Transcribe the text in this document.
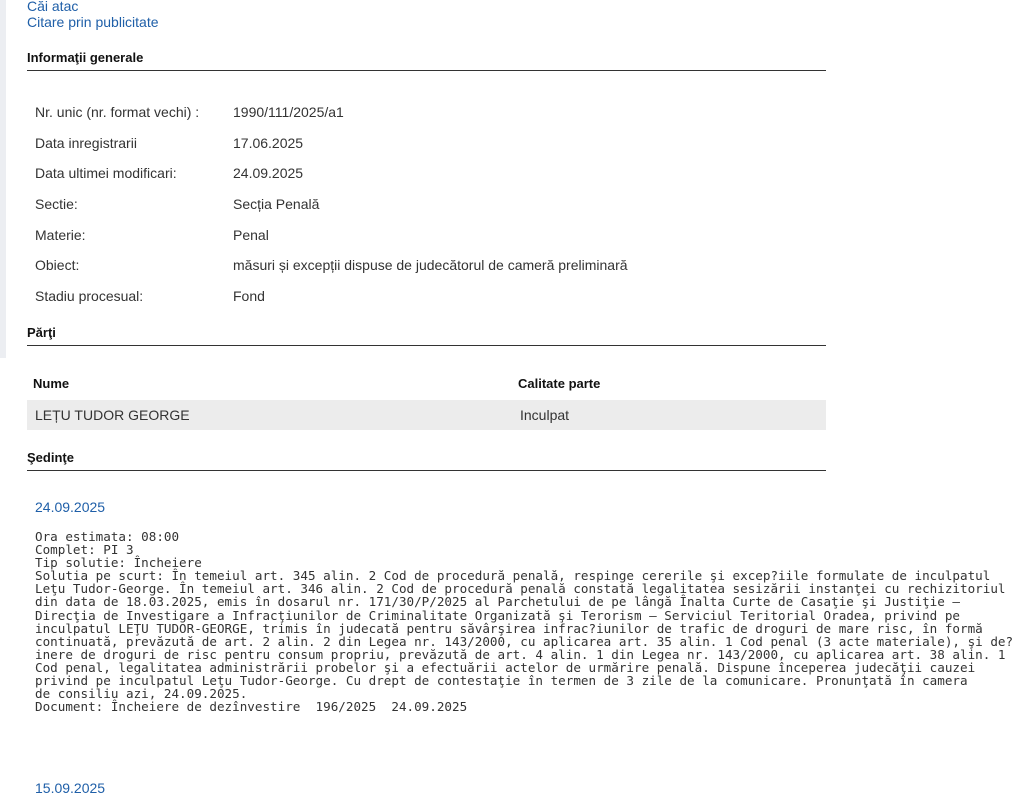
Căi atac
Citare prin publicitate
Informaţii generale
Nr. unic (nr. format vechi) :	1990/111/2025/a1
Data inregistrarii	17.06.2025
Data ultimei modificari:	24.09.2025
Sectie:	Secția Penală
Materie:	Penal
Obiect:	măsuri și excepții dispuse de judecătorul de cameră preliminară
Stadiu procesual:	Fond
Părţi
Nume	Calitate parte
LEȚU TUDOR GEORGE	Inculpat
Şedinţe
24.09.2025
Ora estimata: 08:00
Complet: PI 3
Tip solutie: Încheiere
Solutia pe scurt: În temeiul art. 345 alin. 2 Cod de procedură penală, respinge cererile şi excep?iile formulate de inculpatul
Leţu Tudor-George. În temeiul art. 346 alin. 2 Cod de procedură penală constată legalitatea sesizării instanţei cu rechizitoriul
din data de 18.03.2025, emis în dosarul nr. 171/30/P/2025 al Parchetului de pe lângă Înalta Curte de Casaţie şi Justiţie –
Direcţia de Investigare a Infracţiunilor de Criminalitate Organizată şi Terorism – Serviciul Teritorial Oradea, privind pe
inculpatul LEŢU TUDOR-GEORGE, trimis în judecată pentru săvârşirea infrac?iunilor de trafic de droguri de mare risc, în formă
continuată, prevăzută de art. 2 alin. 2 din Legea nr. 143/2000, cu aplicarea art. 35 alin. 1 Cod penal (3 acte materiale), şi de?
inere de droguri de risc pentru consum propriu, prevăzută de art. 4 alin. 1 din Legea nr. 143/2000, cu aplicarea art. 38 alin. 1
Cod penal, legalitatea administrării probelor şi a efectuării actelor de urmărire penală. Dispune începerea judecăţii cauzei
privind pe inculpatul Leţu Tudor-George. Cu drept de contestaţie în termen de 3 zile de la comunicare. Pronunţată în camera
de consiliu azi, 24.09.2025.
Document: Încheiere de dezînvestire  196/2025  24.09.2025
15.09.2025
